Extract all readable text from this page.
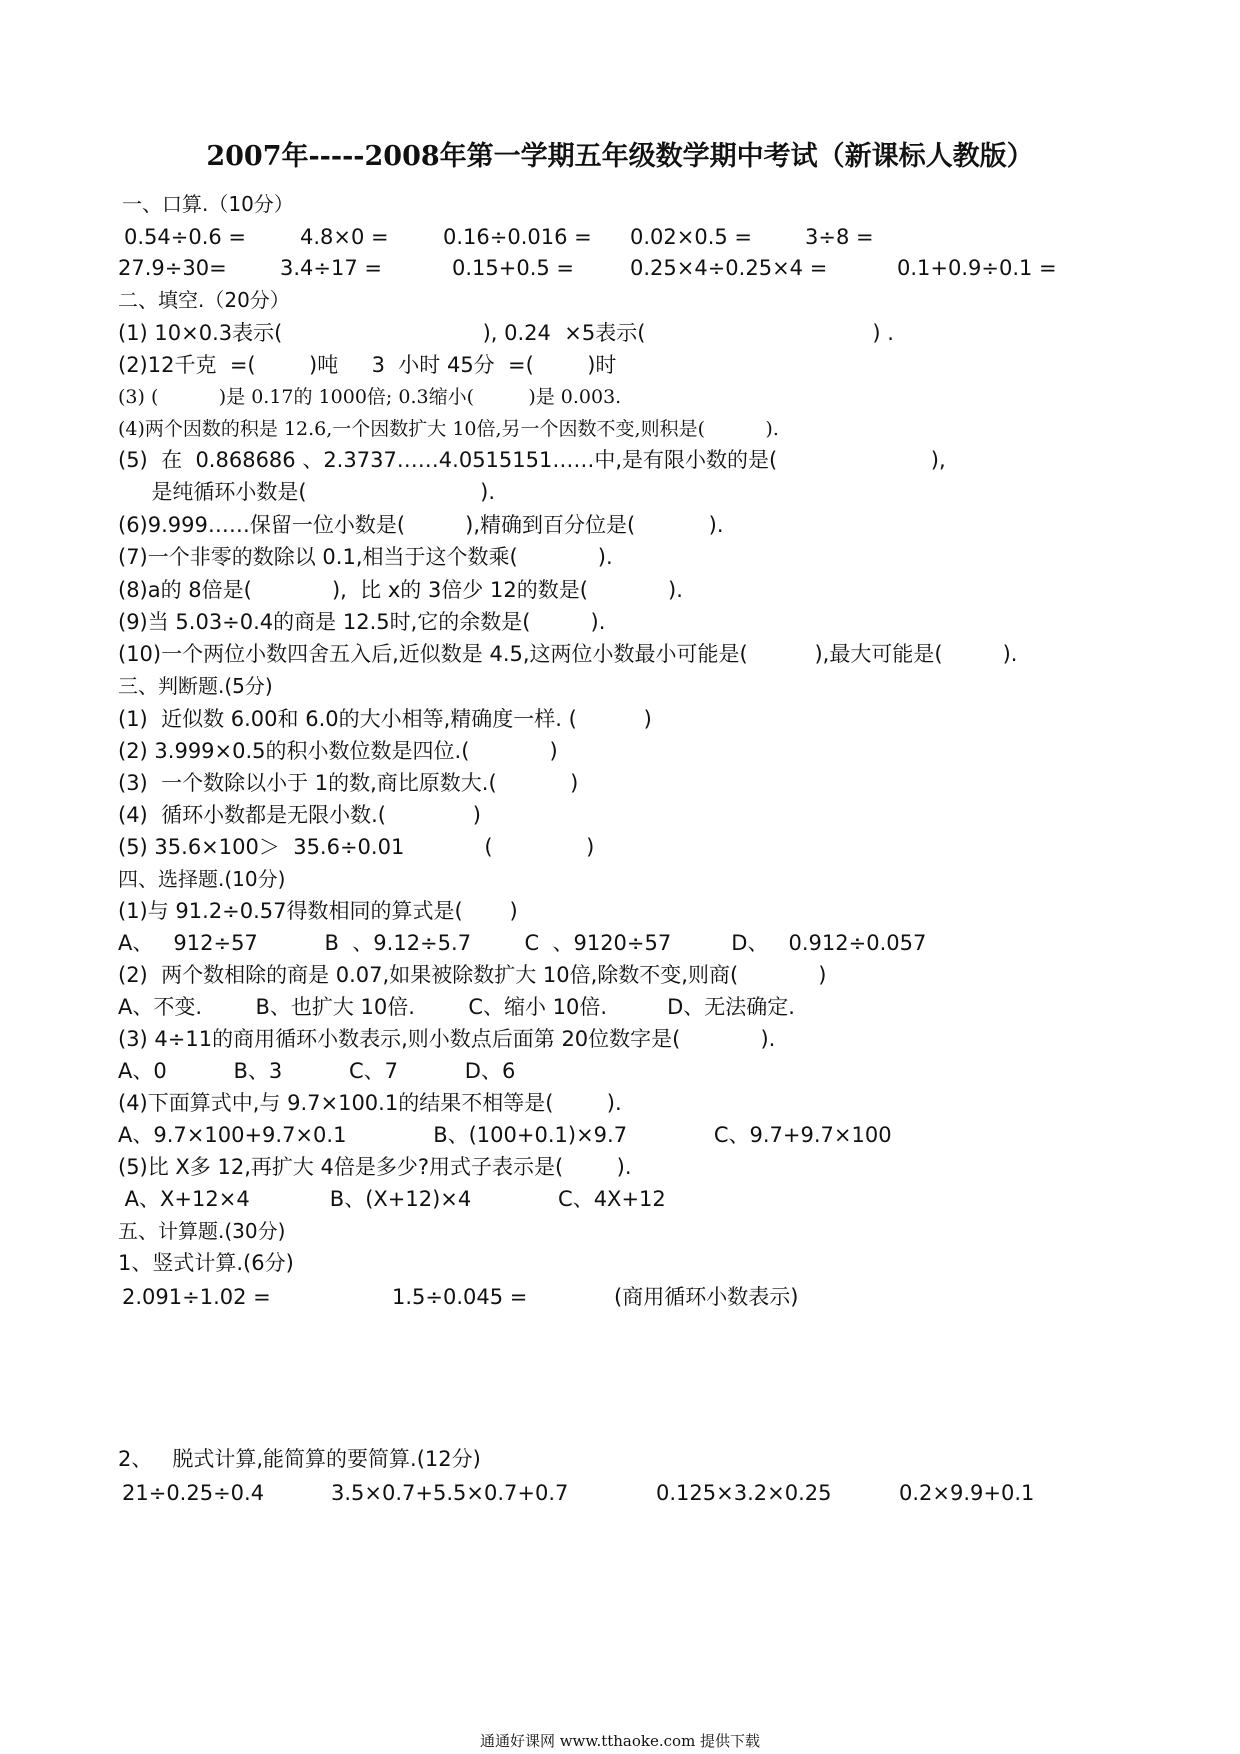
2007年-----2008年第一学期五年级数学期中考试（新课标人教版）
一、口算.（10分）
0.54÷0.6 =	4.8×0 =	0.16÷0.016 = 0.02×0.5 =	3÷8 =
27.9÷30=	3.4÷17 =	0.15+0.5 =	0.25×4÷0.25×4 =	0.1+0.9÷0.1 =
二、填空.（20分）
(1) 10×0.3表示(                              ), 0.24  ×5表示(                                  ) .
(2)12千克  =(        )吨     3  小时 45分  =(        )时
(3) (          )是 0.17的 1000倍; 0.3缩小(         )是 0.003.
(4)两个因数的积是 12.6,一个因数扩大 10倍,另一个因数不变,则积是(          ).
(5)  在  0.868686 、2.3737……4.0515151……中,是有限小数的是(                       ),
是纯循环小数是(                          ).
(6)9.999……保留一位小数是(         ),精确到百分位是(           ).
(7)一个非零的数除以 0.1,相当于这个数乘(            ).
(8)a的 8倍是(            ),  比 x的 3倍少 12的数是(            ).
(9)当 5.03÷0.4的商是 12.5时,它的余数是(         ).
(10)一个两位小数四舍五入后,近似数是 4.5,这两位小数最小可能是(          ),最大可能是(         ).
三、判断题.(5分)
(1)  近似数 6.00和 6.0的大小相等,精确度一样. (          )
(2) 3.999×0.5的积小数位数是四位.(            )
(3)  一个数除以小于 1的数,商比原数大.(           )
(4)  循环小数都是无限小数.(             )
(5) 35.6×100＞  35.6÷0.01            (              )
四、选择题.(10分)
(1)与 91.2÷0.57得数相同的算式是(       )
A、   912÷57          B  、9.12÷5.7        C  、9120÷57         D、   0.912÷0.057
(2)  两个数相除的商是 0.07,如果被除数扩大 10倍,除数不变,则商(            )
A、不变.        B、也扩大 10倍.        C、缩小 10倍.         D、无法确定.
(3) 4÷11的商用循环小数表示,则小数点后面第 20位数字是(            ).
A、0          B、3          C、7          D、6
(4)下面算式中,与 9.7×100.1的结果不相等是(        ).
A、9.7×100+9.7×0.1             B、(100+0.1)×9.7             C、9.7+9.7×100
(5)比 X多 12,再扩大 4倍是多少?用式子表示是(        ).
A、X+12×4            B、(X+12)×4             C、4X+12
五、计算题.(30分)
1、竖式计算.(6分)
2.091÷1.02 =	1.5÷0.045 =	(商用循环小数表示)
2、   脱式计算,能简算的要简算.(12分)
21÷0.25÷0.4	3.5×0.7+5.5×0.7+0.7	0.125×3.2×0.25	0.2×9.9+0.1
通通好课网 www.tthaoke.com 提供下载
